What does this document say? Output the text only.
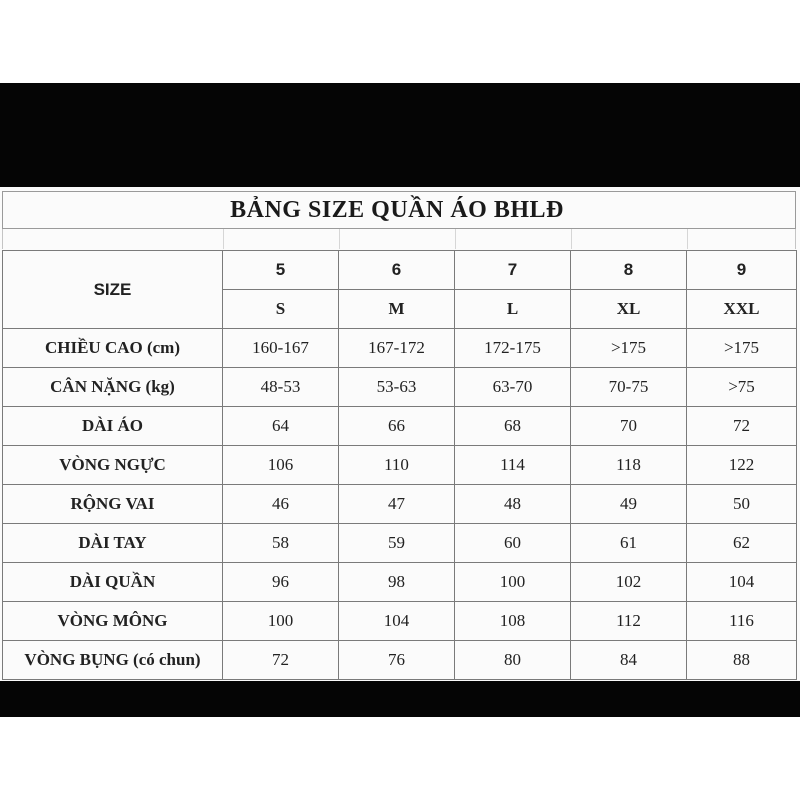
BẢNG SIZE QUẦN ÁO BHLĐ
SIZE	5	6	7	8	9
	S	M	L	XL	XXL
CHIỀU CAO (cm)	160-167	167-172	172-175	>175	>175
CÂN NẶNG (kg)	48-53	53-63	63-70	70-75	>75
DÀI ÁO	64	66	68	70	72
VÒNG NGỰC	106	110	114	118	122
RỘNG VAI	46	47	48	49	50
DÀI TAY	58	59	60	61	62
DÀI QUẦN	96	98	100	102	104
VÒNG MÔNG	100	104	108	112	116
VÒNG BỤNG (có chun)	72	76	80	84	88
